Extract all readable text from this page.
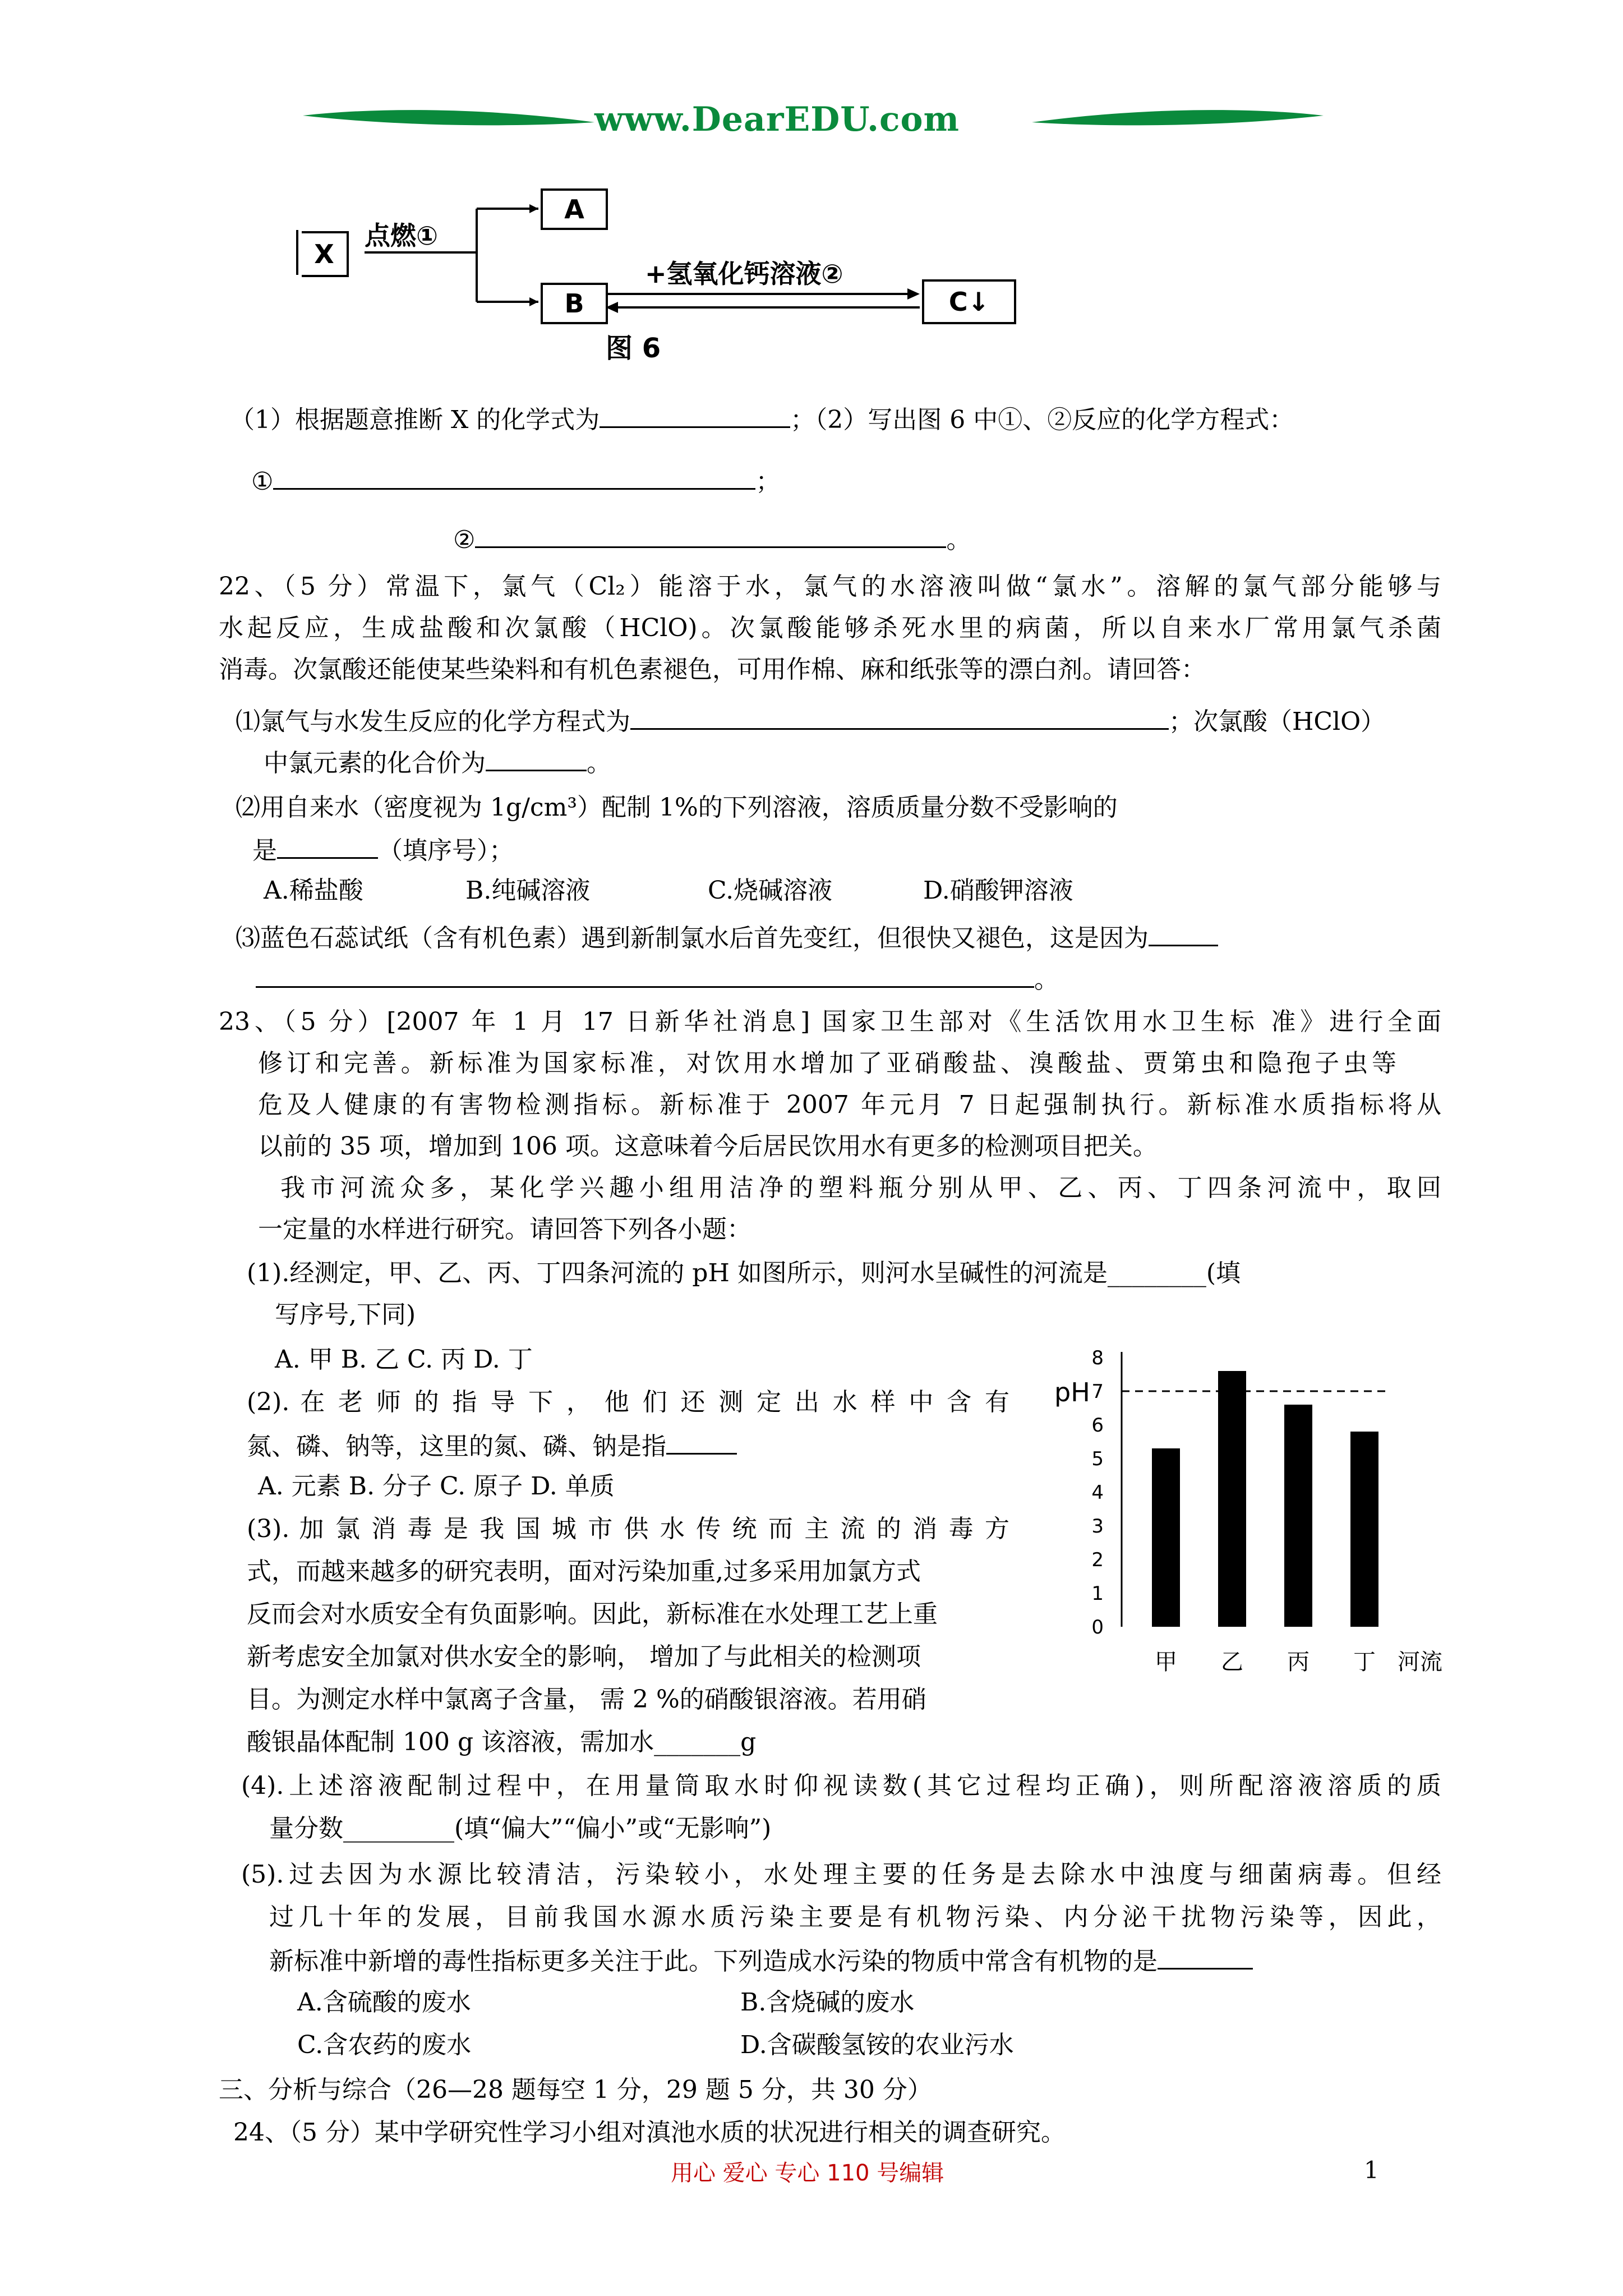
www.DearEDU.com
X
点燃①
A
B
+氢氧化钙溶液②
C↓
图 6
（1）根据题意推断 X 的化学式为	；（2）写出图 6 中①、②反应的化学方程式：
①	；
②	。
22、（5 分）常温下，氯气（Cl₂）能溶于水，氯气的水溶液叫做“氯水”。溶解的氯气部分能够与
水起反应，生成盐酸和次氯酸（HClO)。次氯酸能够杀死水里的病菌，所以自来水厂常用氯气杀菌
消毒。次氯酸还能使某些染料和有机色素褪色，可用作棉、麻和纸张等的漂白剂。请回答：
⑴氯气与水发生反应的化学方程式为	；次氯酸（HClO）
中氯元素的化合价为	。
⑵用自来水（密度视为 1g/cm³）配制 1%的下列溶液，溶质质量分数不受影响的
是	（填序号）；
A.稀盐酸	B.纯碱溶液	C.烧碱溶液	D.硝酸钾溶液
⑶蓝色石蕊试纸（含有机色素）遇到新制氯水后首先变红，但很快又褪色，这是因为
。
23、（5 分）[2007 年 1 月 17 日新华社消息] 国家卫生部对《生活饮用水卫生标 准》进行全面
修订和完善。新标准为国家标准，对饮用水增加了亚硝酸盐、溴酸盐、贾第虫和隐孢子虫等
危及人健康的有害物检测指标。新标准于 2007 年元月 7 日起强制执行。新标准水质指标将从
以前的 35 项，增加到 106 项。这意味着今后居民饮用水有更多的检测项目把关。
我市河流众多，某化学兴趣小组用洁净的塑料瓶分别从甲、乙、丙、丁四条河流中，取回
一定量的水样进行研究。请回答下列各小题：
(1).经测定，甲、乙、丙、丁四条河流的 pH 如图所示，则河水呈碱性的河流是________(填
写序号,下同)
A. 甲 B. 乙 C. 丙 D. 丁
(2). 在 老 师 的 指 导 下 ， 他 们 还 测 定 出 水 样 中 含 有
氮、磷、钠等，这里的氮、磷、钠是指
A. 元素 B. 分子 C. 原子 D. 单质
(3). 加 氯 消 毒 是 我 国 城 市 供 水 传 统 而 主 流 的 消 毒 方
式，而越来越多的研究表明，面对污染加重,过多采用加氯方式
反而会对水质安全有负面影响。因此，新标准在水处理工艺上重
新考虑安全加氯对供水安全的影响， 增加了与此相关的检测项
目。为测定水样中氯离子含量， 需 2 %的硝酸银溶液。若用硝
酸银晶体配制 100 g 该溶液，需加水_______g
(4).上述溶液配制过程中，在用量筒取水时仰视读数(其它过程均正确)，则所配溶液溶质的质
量分数_________(填“偏大”“偏小”或“无影响”)
(5).过去因为水源比较清洁，污染较小，水处理主要的任务是去除水中浊度与细菌病毒。但经
过几十年的发展，目前我国水源水质污染主要是有机物污染、内分泌干扰物污染等，因此，
新标准中新增的毒性指标更多关注于此。下列造成水污染的物质中常含有机物的是
A.含硫酸的废水	B.含烧碱的废水
C.含农药的废水	D.含碳酸氢铵的农业污水
三、分析与综合（26—28 题每空 1 分，29 题 5 分，共 30 分）
24、（5 分）某中学研究性学习小组对滇池水质的状况进行相关的调查研究。
pH
0
1
2
3
4
5
6
7
8
甲 乙 丙 丁 河流
用心 爱心 专心 110 号编辑	1
